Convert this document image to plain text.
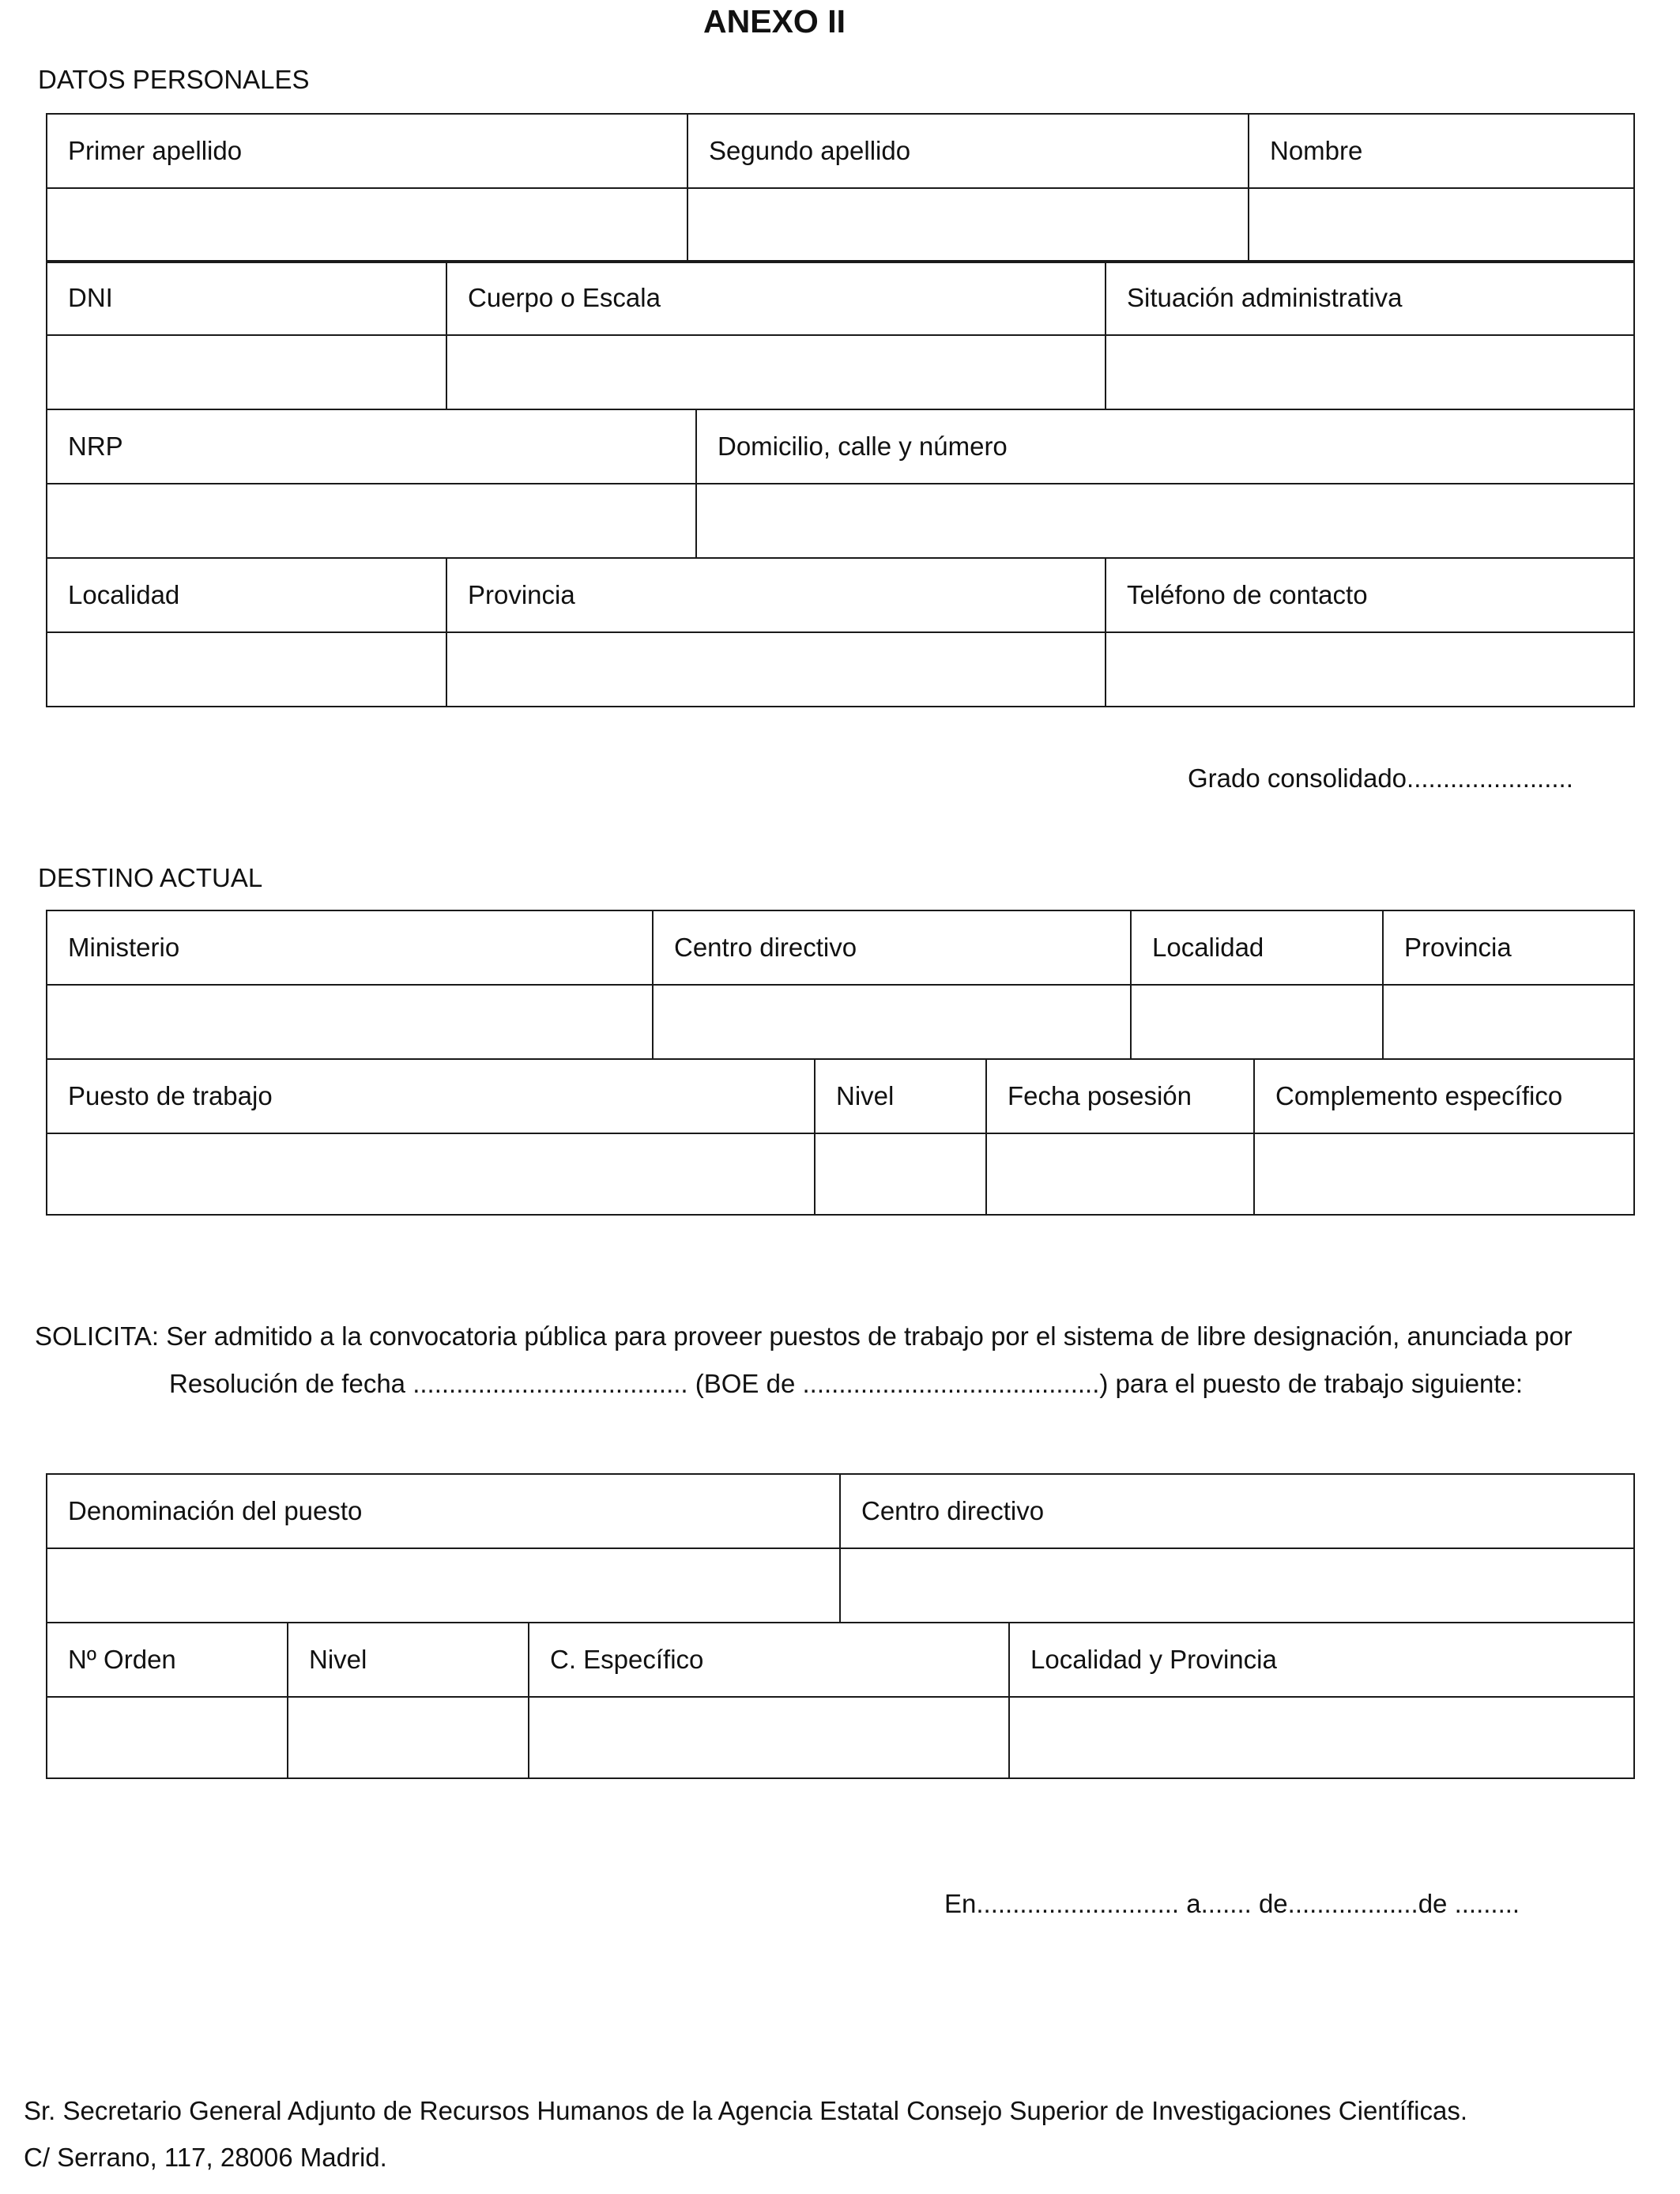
ANEXO II
DATOS PERSONALES
Primer apellido	Segundo apellido	Nombre

DNI	Cuerpo o Escala	Situación administrativa

NRP	Domicilio, calle y número

Localidad	Provincia	Teléfono de contacto

Grado consolidado.......................
DESTINO ACTUAL
Ministerio	Centro directivo	Localidad	Provincia

Puesto de trabajo	Nivel	Fecha posesión	Complemento específico

SOLICITA: Ser admitido a la convocatoria pública para proveer puestos de trabajo por el sistema de libre designación, anunciada por
Resolución de fecha ...................................... (BOE de .........................................) para el puesto de trabajo siguiente:
Denominación del puesto	Centro directivo

Nº Orden	Nivel	C. Específico	Localidad y Provincia

En............................ a....... de..................de .........
Sr. Secretario General Adjunto de Recursos Humanos de la Agencia Estatal Consejo Superior de Investigaciones Científicas.
C/ Serrano, 117, 28006 Madrid.
